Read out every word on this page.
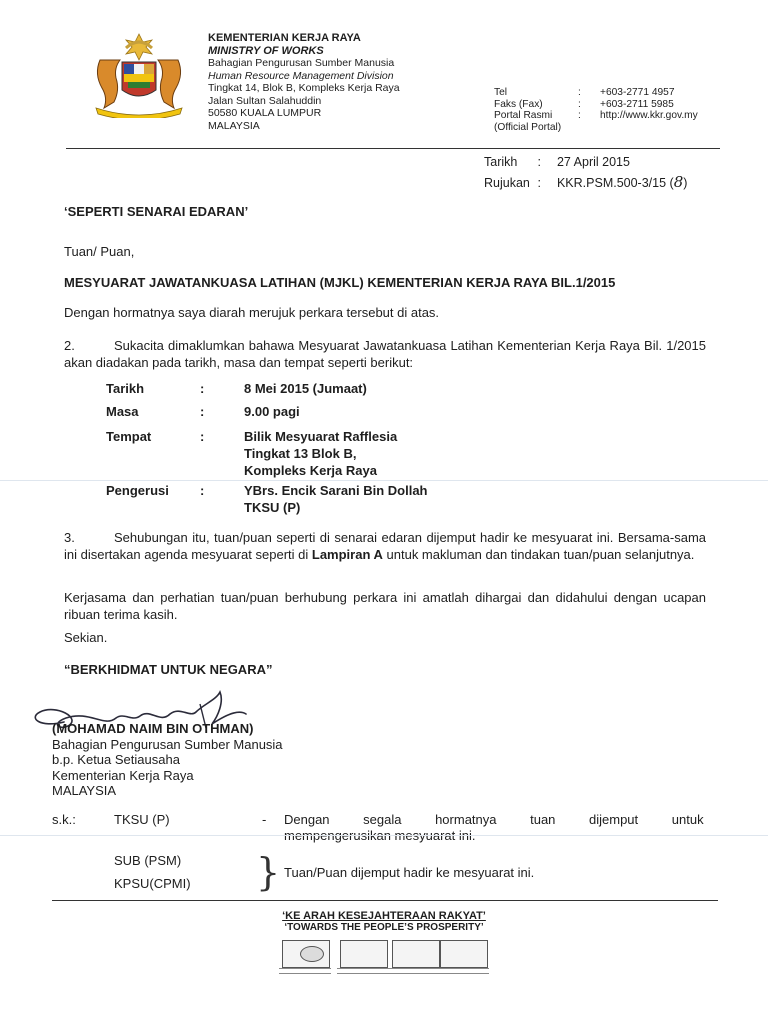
KEMENTERIAN KERJA RAYA
MINISTRY OF WORKS
Bahagian Pengurusan Sumber Manusia
Human Resource Management Division
Tingkat 14, Blok B, Kompleks Kerja Raya
Jalan Sultan Salahuddin
50580 KUALA LUMPUR
MALAYSIA
Tel	:	+603-2771 4957
Faks (Fax)	:	+603-2711 5985
Portal Rasmi	:	http://www.kkr.gov.my
(Official Portal)
Tarikh : 27 April 2015
Rujukan : KKR.PSM.500-3/15 (8)
‘SEPERTI SENARAI EDARAN’
Tuan/ Puan,
MESYUARAT JAWATANKUASA LATIHAN (MJKL) KEMENTERIAN KERJA RAYA BIL.1/2015
Dengan hormatnya saya diarah merujuk perkara tersebut di atas.
2.	Sukacita dimaklumkan bahawa Mesyuarat Jawatankuasa Latihan Kementerian Kerja Raya Bil. 1/2015 akan diadakan pada tarikh, masa dan tempat seperti berikut:
Tarikh	:	8 Mei 2015 (Jumaat)
Masa	:	9.00 pagi
Tempat	:	Bilik Mesyuarat Rafflesia
Tingkat 13 Blok B,
Kompleks Kerja Raya
Pengerusi :	YBrs. Encik Sarani Bin Dollah
TKSU (P)
3.	Sehubungan itu, tuan/puan seperti di senarai edaran dijemput hadir ke mesyuarat ini. Bersama-sama ini disertakan agenda mesyuarat seperti di Lampiran A untuk makluman dan tindakan tuan/puan selanjutnya.
Kerjasama dan perhatian tuan/puan berhubung perkara ini amatlah dihargai dan didahului dengan ucapan ribuan terima kasih.
Sekian.
“BERKHIDMAT UNTUK NEGARA”
(MOHAMAD NAIM BIN OTHMAN)
Bahagian Pengurusan Sumber Manusia
b.p. Ketua Setiausaha
Kementerian Kerja Raya
MALAYSIA
s.k.:	TKSU (P)	- Dengan segala hormatnya tuan dijemput untuk
mempengerusikan mesyuarat ini.
SUB (PSM)
KPSU(CPMI) } Tuan/Puan dijemput hadir ke mesyuarat ini.
‘KE ARAH KESEJAHTERAAN RAKYAT’
‘TOWARDS THE PEOPLE’S PROSPERITY’
